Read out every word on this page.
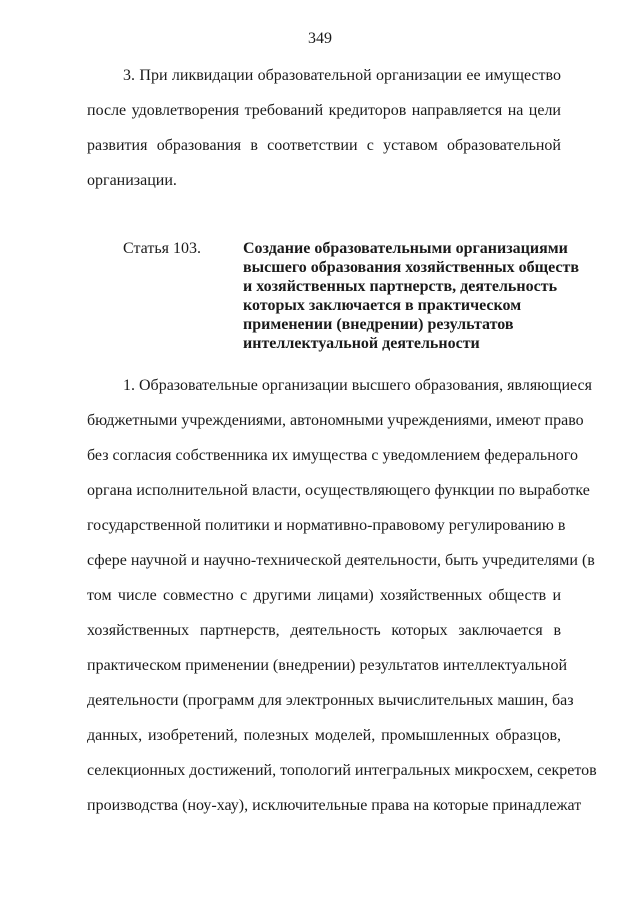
349
3. При ликвидации образовательной организации ее имущество
после удовлетворения требований кредиторов направляется на цели
развития образования в соответствии с уставом образовательной
организации.
Статья 103.	Создание образовательными организациями
высшего образования хозяйственных обществ
и хозяйственных партнерств, деятельность
которых заключается в практическом
применении (внедрении) результатов
интеллектуальной деятельности
1. Образовательные организации высшего образования, являющиеся
бюджетными учреждениями, автономными учреждениями, имеют право
без согласия собственника их имущества с уведомлением федерального
органа исполнительной власти, осуществляющего функции по выработке
государственной политики и нормативно-правовому регулированию в
сфере научной и научно-технической деятельности, быть учредителями (в
том числе совместно с другими лицами) хозяйственных обществ и
хозяйственных партнерств, деятельность которых заключается в
практическом применении (внедрении) результатов интеллектуальной
деятельности (программ для электронных вычислительных машин, баз
данных, изобретений, полезных моделей, промышленных образцов,
селекционных достижений, топологий интегральных микросхем, секретов
производства (ноу-хау), исключительные права на которые принадлежат
